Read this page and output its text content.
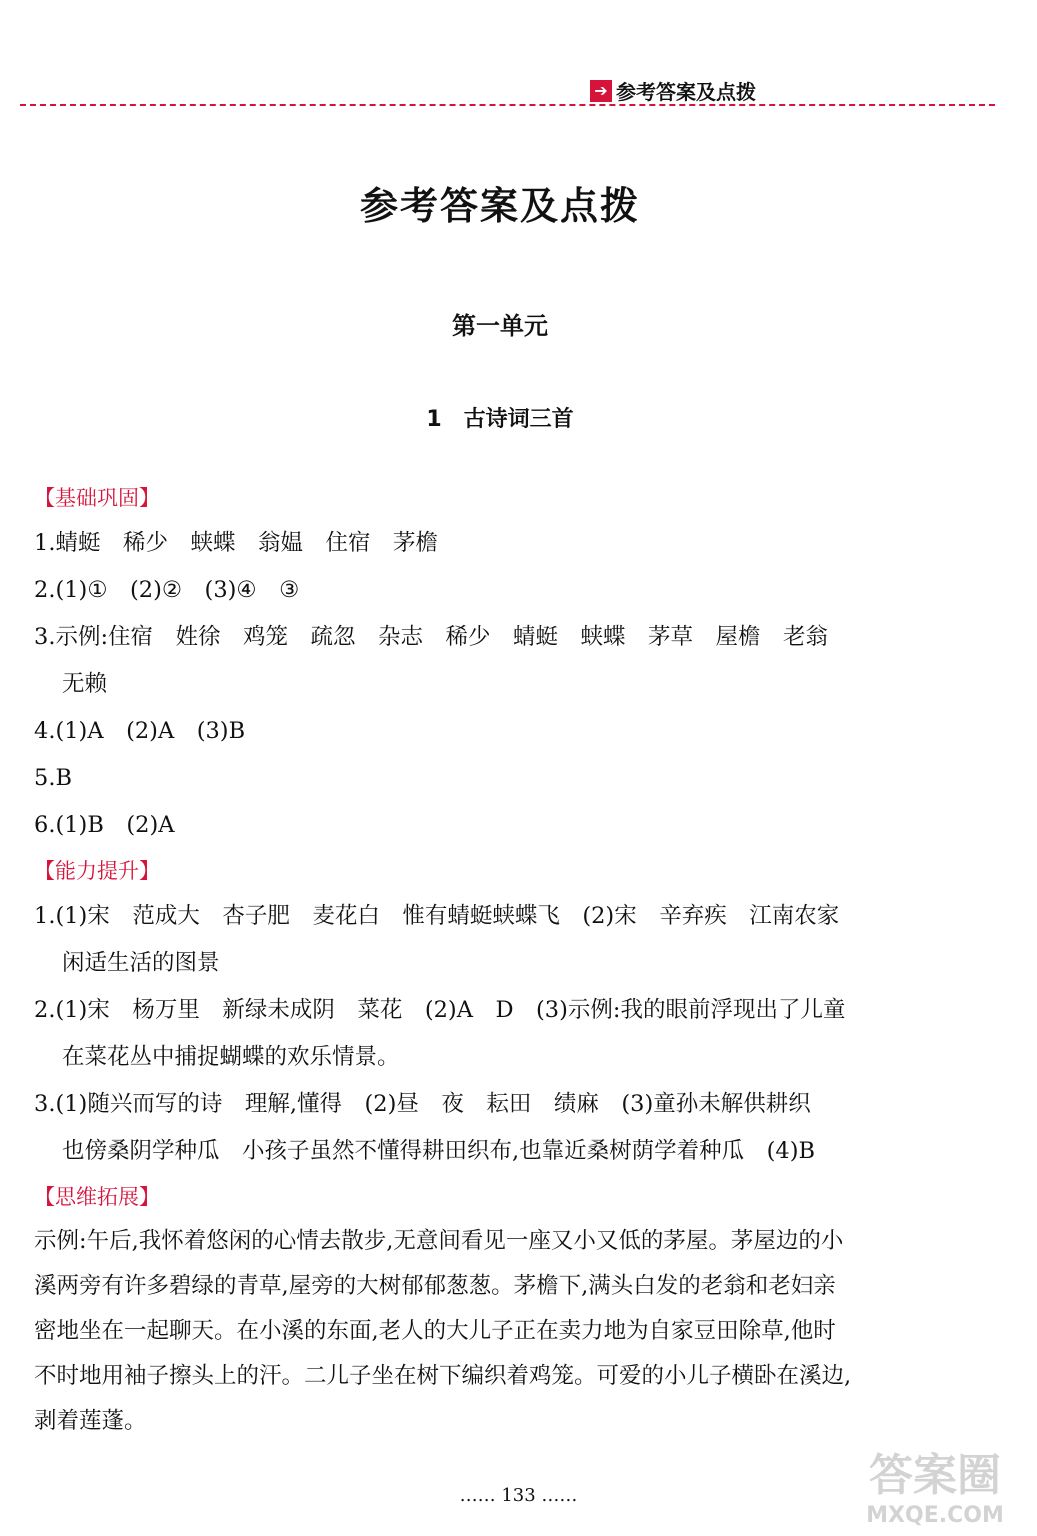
➔ 参考答案及点拨
参考答案及点拨
第一单元
1 古诗词三首
【基础巩固】
1.蜻蜓　稀少　蛱蝶　翁媪　住宿　茅檐
2.(1)①　(2)②　(3)④　③
3.示例:住宿　姓徐　鸡笼　疏忽　杂志　稀少　蜻蜓　蛱蝶　茅草　屋檐　老翁
无赖
4.(1)A　(2)A　(3)B
5.B
6.(1)B　(2)A
【能力提升】
1.(1)宋　范成大　杏子肥　麦花白　惟有蜻蜓蛱蝶飞　(2)宋　辛弃疾　江南农家
闲适生活的图景
2.(1)宋　杨万里　新绿未成阴　菜花　(2)A　D　(3)示例:我的眼前浮现出了儿童
在菜花丛中捕捉蝴蝶的欢乐情景。
3.(1)随兴而写的诗　理解,懂得　(2)昼　夜　耘田　绩麻　(3)童孙未解供耕织
也傍桑阴学种瓜　小孩子虽然不懂得耕田织布,也靠近桑树荫学着种瓜　(4)B
【思维拓展】
示例:午后,我怀着悠闲的心情去散步,无意间看见一座又小又低的茅屋。茅屋边的小
溪两旁有许多碧绿的青草,屋旁的大树郁郁葱葱。茅檐下,满头白发的老翁和老妇亲
密地坐在一起聊天。在小溪的东面,老人的大儿子正在卖力地为自家豆田除草,他时
不时地用袖子擦头上的汗。二儿子坐在树下编织着鸡笼。可爱的小儿子横卧在溪边,
剥着莲蓬。
…… 133 ……	答案圈
MXQE.COM
